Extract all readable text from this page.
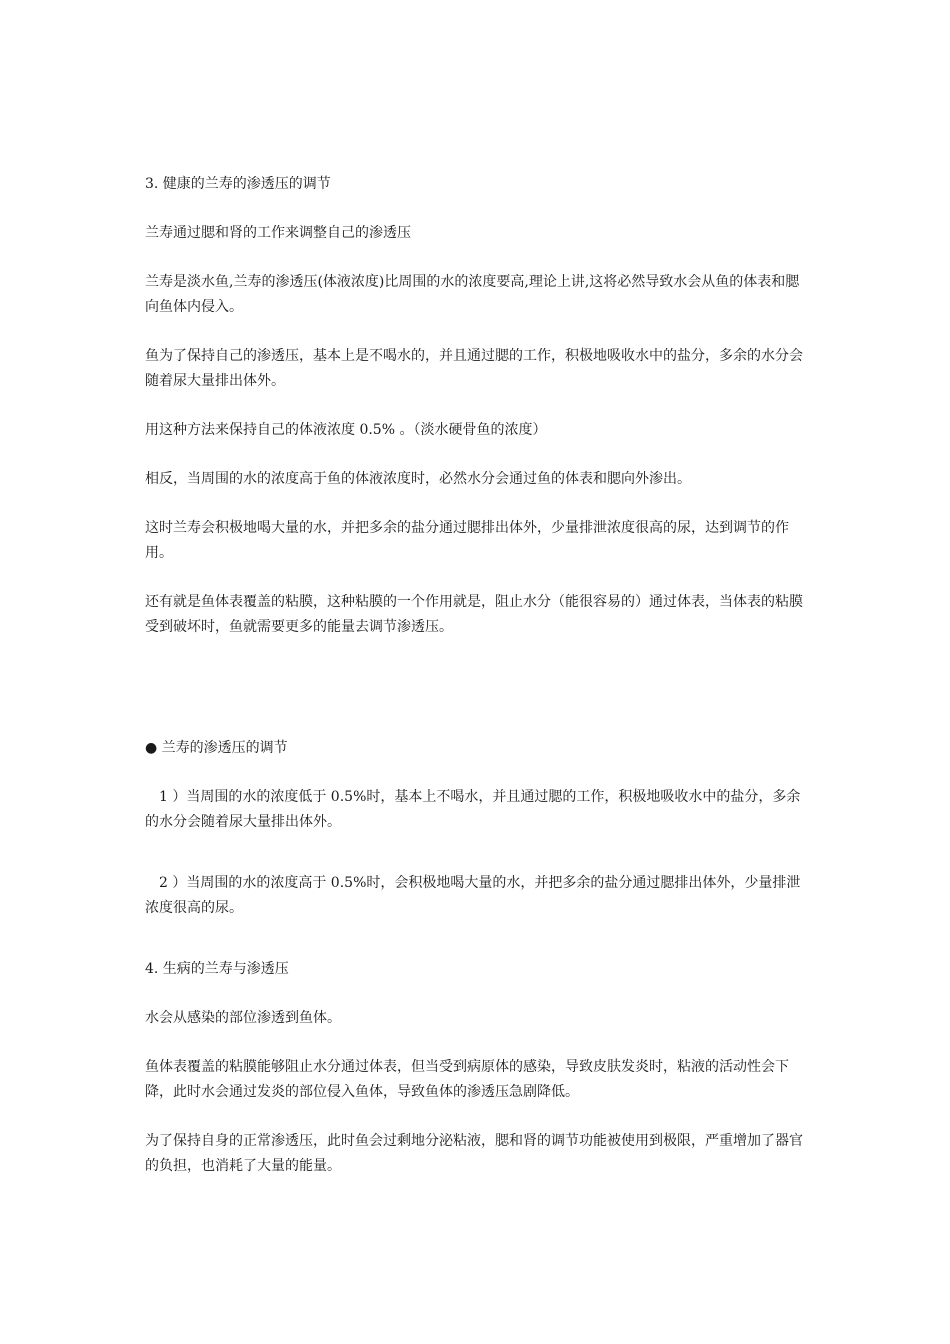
3. 健康的兰寿的渗透压的调节

兰寿通过腮和肾的工作来调整自己的渗透压

兰寿是淡水鱼,兰寿的渗透压(体液浓度)比周围的水的浓度要高,理论上讲,这将必然导致水会从鱼的体表和腮向鱼体内侵入。

鱼为了保持自己的渗透压，基本上是不喝水的，并且通过腮的工作，积极地吸收水中的盐分，多余的水分会随着尿大量排出体外。

用这种方法来保持自己的体液浓度 0.5% 。（淡水硬骨鱼的浓度）

相反，当周围的水的浓度高于鱼的体液浓度时，必然水分会通过鱼的体表和腮向外渗出。

这时兰寿会积极地喝大量的水，并把多余的盐分通过腮排出体外，少量排泄浓度很高的尿，达到调节的作用。

还有就是鱼体表覆盖的粘膜，这种粘膜的一个作用就是，阻止水分（能很容易的）通过体表，当体表的粘膜受到破坏时，鱼就需要更多的能量去调节渗透压。

● 兰寿的渗透压的调节

1 ）当周围的水的浓度低于 0.5%时，基本上不喝水，并且通过腮的工作，积极地吸收水中的盐分，多余的水分会随着尿大量排出体外。

2 ）当周围的水的浓度高于 0.5%时，会积极地喝大量的水，并把多余的盐分通过腮排出体外，少量排泄浓度很高的尿。

4. 生病的兰寿与渗透压

水会从感染的部位渗透到鱼体。

鱼体表覆盖的粘膜能够阻止水分通过体表，但当受到病原体的感染，导致皮肤发炎时，粘液的活动性会下降，此时水会通过发炎的部位侵入鱼体，导致鱼体的渗透压急剧降低。

为了保持自身的正常渗透压，此时鱼会过剩地分泌粘液，腮和肾的调节功能被使用到极限，严重增加了器官的负担，也消耗了大量的能量。
